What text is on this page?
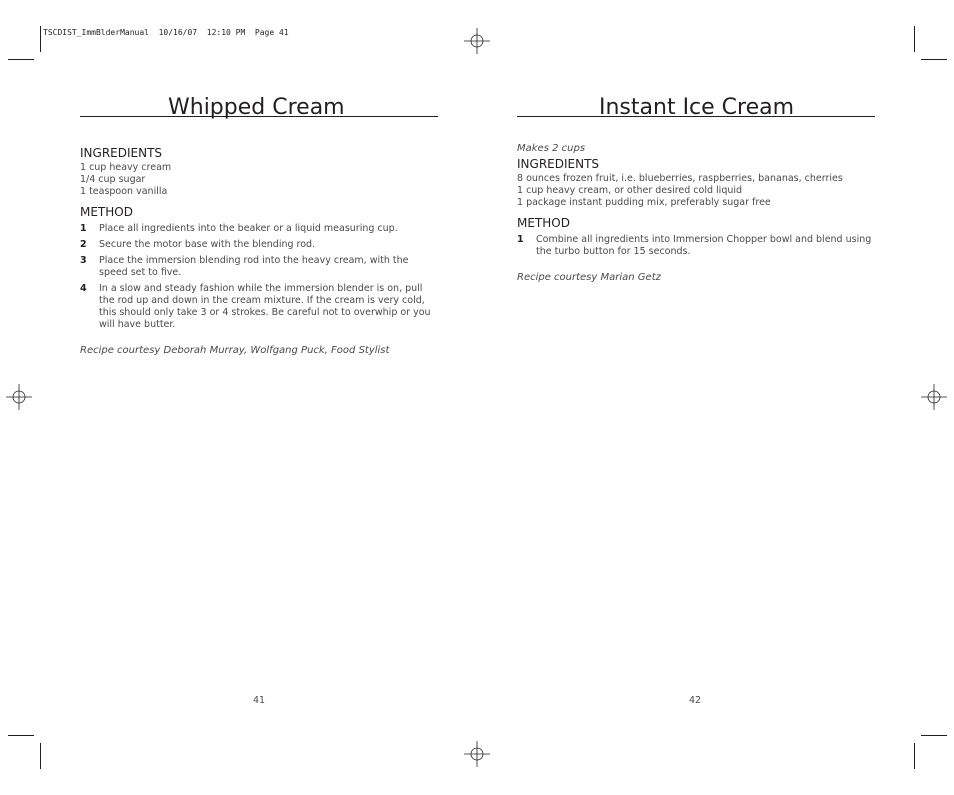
TSCDIST_ImmBlderManual  10/16/07  12:10 PM  Page 41
Whipped Cream
INGREDIENTS
1 cup heavy cream
1/4 cup sugar
1 teaspoon vanilla
METHOD
1 Place all ingredients into the beaker or a liquid measuring cup.
2 Secure the motor base with the blending rod.
3 Place the immersion blending rod into the heavy cream, with the speed set to five.
4 In a slow and steady fashion while the immersion blender is on, pull the rod up and down in the cream mixture. If the cream is very cold, this should only take 3 or 4 strokes. Be careful not to overwhip or you will have butter.
Recipe courtesy Deborah Murray, Wolfgang Puck, Food Stylist
41
Instant Ice Cream
Makes 2 cups
INGREDIENTS
8 ounces frozen fruit, i.e. blueberries, raspberries, bananas, cherries
1 cup heavy cream, or other desired cold liquid
1 package instant pudding mix, preferably sugar free
METHOD
1 Combine all ingredients into Immersion Chopper bowl and blend using the turbo button for 15 seconds.
Recipe courtesy Marian Getz
42
